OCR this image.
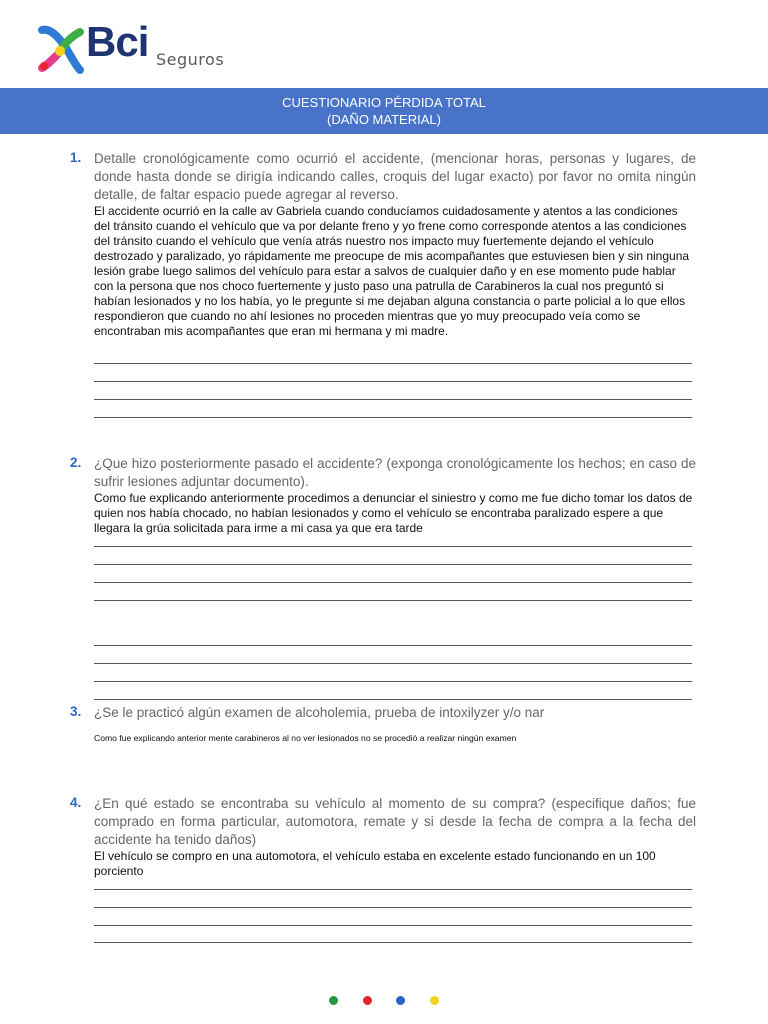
Bci Seguros
CUESTIONARIO PÉRDIDA TOTAL
(DAÑO MATERIAL)
1. Detalle cronológicamente como ocurrió el accidente, (mencionar horas, personas y lugares, de donde hasta donde se dirigía indicando calles, croquis del lugar exacto) por favor no omita ningún detalle, de faltar espacio puede agregar al reverso.
El accidente ocurrió en la calle av Gabriela cuando conducíamos cuidadosamente y atentos a las condiciones del tránsito cuando el vehículo que va por delante freno y yo frene como corresponde atentos a las condiciones del tránsito cuando el vehículo que venía atrás nuestro nos impacto muy fuertemente dejando el vehículo destrozado y paralizado, yo rápidamente me preocupe de mis acompañantes que estuviesen bien y sin ninguna lesión grabe luego salimos del vehículo para estar a salvos de cualquier daño y en ese momento pude hablar con la persona que nos choco fuertemente y justo paso una patrulla de Carabineros la cual nos preguntó si habían lesionados y no los había, yo le pregunte si me dejaban alguna constancia o parte policial a lo que ellos respondieron que cuando no ahí lesiones no proceden mientras que yo muy preocupado veía como se encontraban mis acompañantes que eran mi hermana y mi madre.
2. ¿Que hizo posteriormente pasado el accidente? (exponga cronológicamente los hechos; en caso de sufrir lesiones adjuntar documento).
Como fue explicando anteriormente procedimos a denunciar el siniestro y como me fue dicho tomar los datos de quien nos había chocado, no habían lesionados y como el vehículo se encontraba paralizado espere a que llegara la grúa solicitada para irme a mi casa ya que era tarde
3. ¿Se le practicó algún examen de alcoholemia, prueba de intoxilyzer y/o nar
Como fue explicando anterior mente carabineros al no ver lesionados no se procedió a realizar ningún examen
4. ¿En qué estado se encontraba su vehículo al momento de su compra? (especifique daños; fue comprado en forma particular, automotora, remate y si desde la fecha de compra a la fecha del accidente ha tenido daños)
El vehículo se compro en una automotora, el vehículo estaba en excelente estado funcionando en un 100 porciento
